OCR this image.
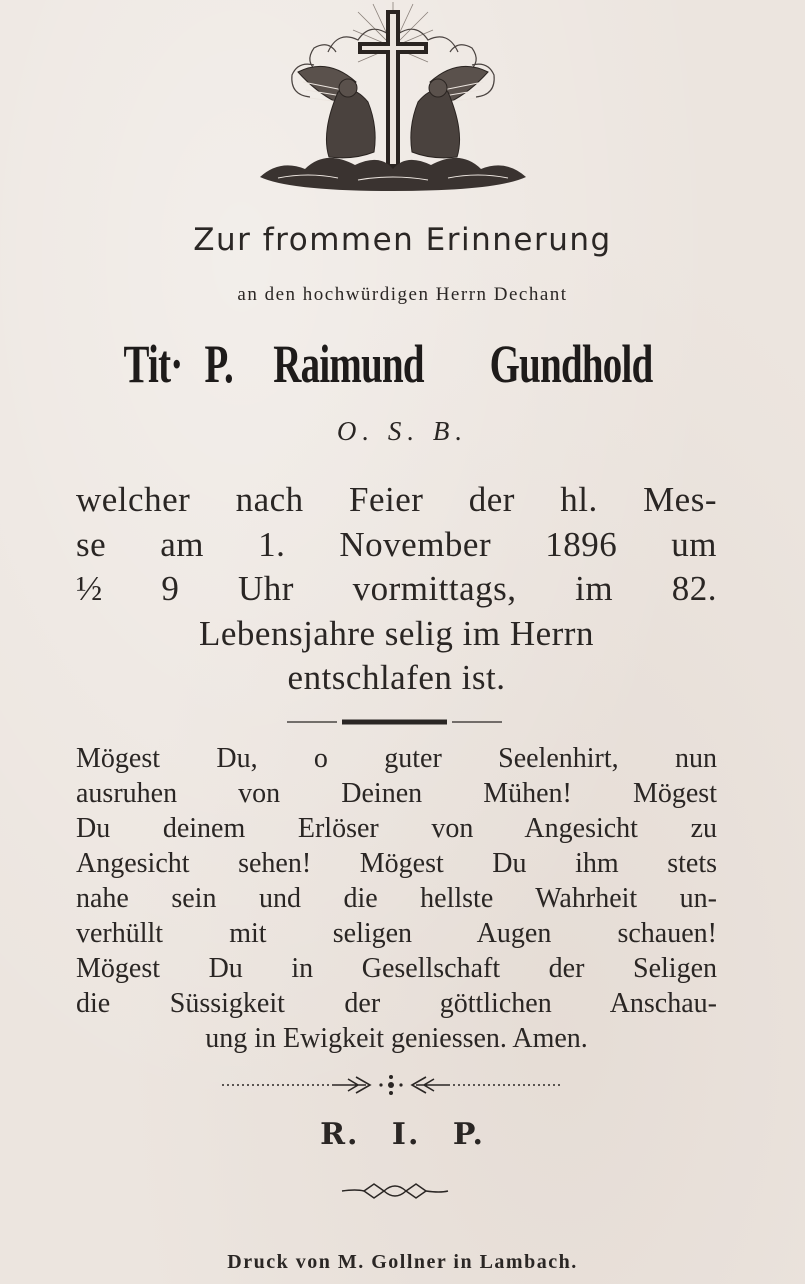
Zur frommen Erinnerung
an den hochwürdigen Herrn Dechant
Tit· P. Raimund Gundhold
O. S. B.
welcher nach Feier der hl. Mes-
se am 1. November 1896 um
½ 9 Uhr vormittags, im 82.
Lebensjahre selig im Herrn
entschlafen ist.
Mögest Du, o guter Seelenhirt, nun
ausruhen von Deinen Mühen! Mögest
Du deinem Erlöser von Angesicht zu
Angesicht sehen! Mögest Du ihm stets
nahe sein und die hellste Wahrheit un-
verhüllt mit seligen Augen schauen!
Mögest Du in Gesellschaft der Seligen
die Süssigkeit der göttlichen Anschau-
ung in Ewigkeit geniessen. Amen.
R. I. P.
Druck von M. Gollner in Lambach.
